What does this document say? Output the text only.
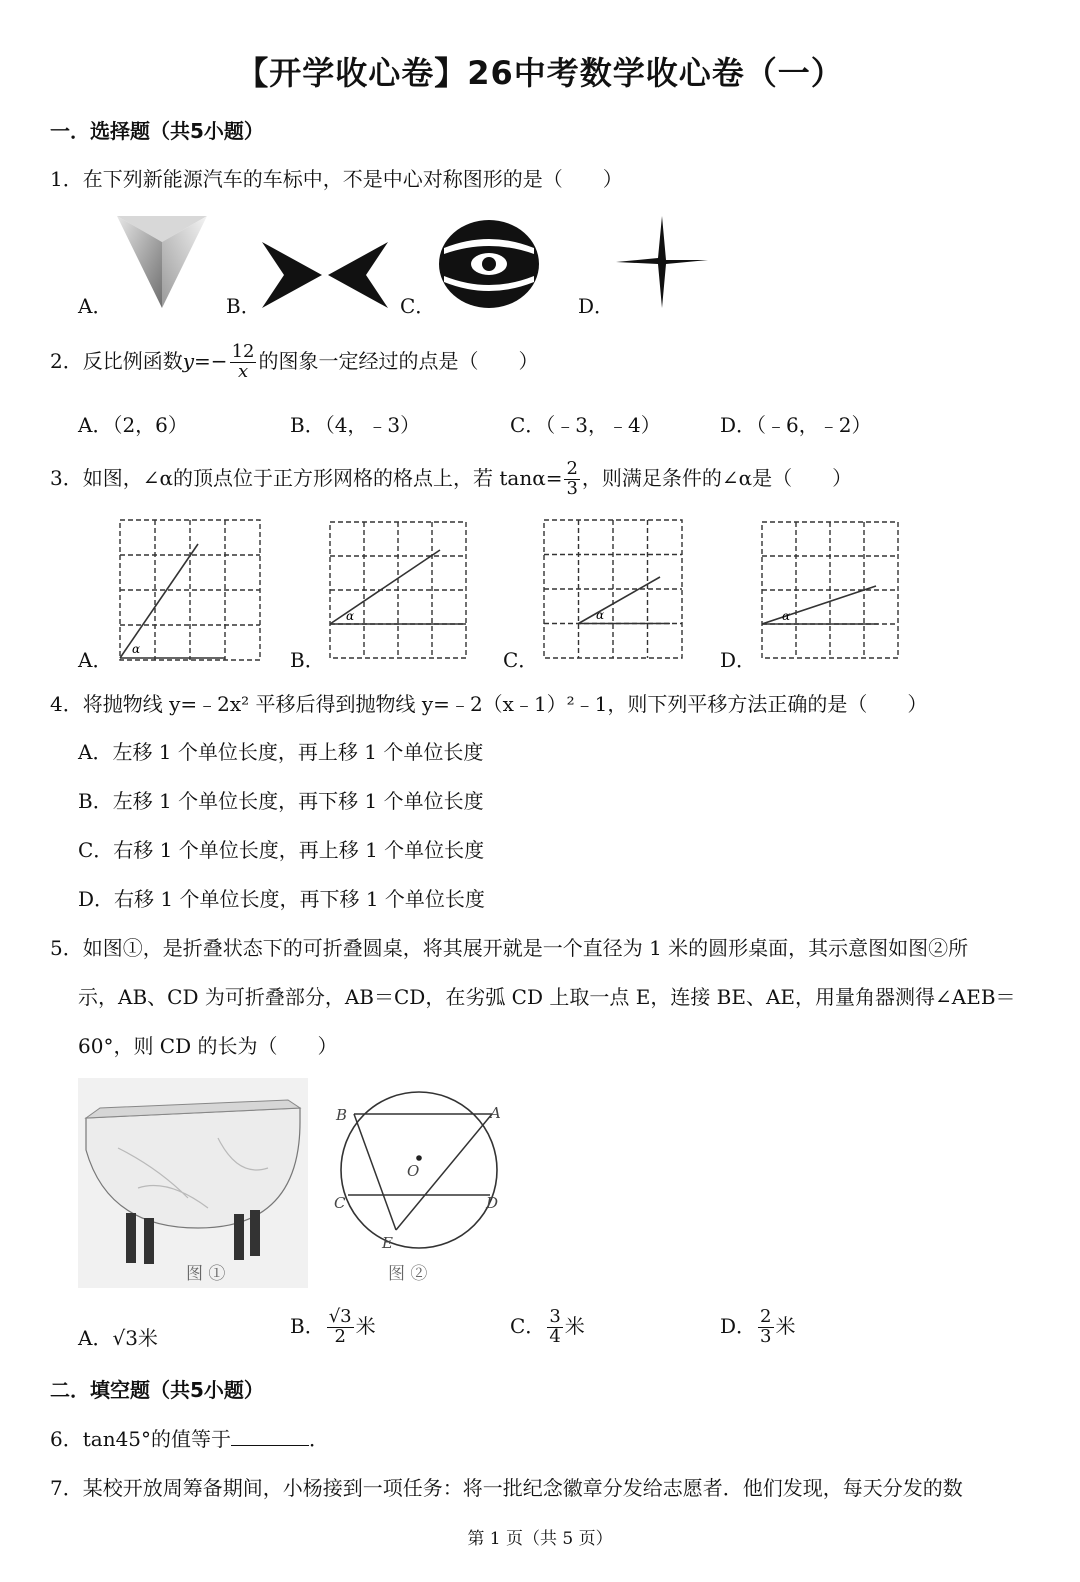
【开学收心卷】26中考数学收心卷（一）
一．选择题（共5小题）
1．在下列新能源汽车的车标中，不是中心对称图形的是（　　）
A．	B．	C．	D．
2．反比例函数$y=- \frac{12}{x}$ 的图象一定经过的点是（　　）
A．（2，6）	B．（4，﹣3）	C．（﹣3，﹣4）	D．（﹣6，﹣2）
3．如图，∠α的顶点位于正方形网格的格点上，若 $\tan\alpha= \frac{2}{3}$ ，则满足条件的∠α是（　　）
A． α	B．
α
C．
α
D．
α
4．将抛物线 y=﹣2x² 平移后得到抛物线 y=﹣2（x﹣1）²﹣1，则下列平移方法正确的是（　　）
A．左移 1 个单位长度，再上移 1 个单位长度
B．左移 1 个单位长度，再下移 1 个单位长度
C．右移 1 个单位长度，再上移 1 个单位长度
D．右移 1 个单位长度，再下移 1 个单位长度
5．如图①，是折叠状态下的可折叠圆桌，将其展开就是一个直径为 1 米的圆形桌面，其示意图如图②所
示，AB、CD 为可折叠部分，AB＝CD，在劣弧 CD 上取一点 E，连接 BE、AE，用量角器测得∠AEB＝
60°，则 CD 的长为（　　）
图 ①
B	A
C	D
E
O
图 ②
A．√3米
B． $\frac{√3}{2}$ 米	C． $\frac{3}{4}$ 米	D． $\frac{2}{3}$ 米
二．填空题（共5小题）
6．tan45°的值等于	．
7．某校开放周筹备期间，小杨接到一项任务：将一批纪念徽章分发给志愿者．他们发现，每天分发的数
第 1 页（共 5 页）
